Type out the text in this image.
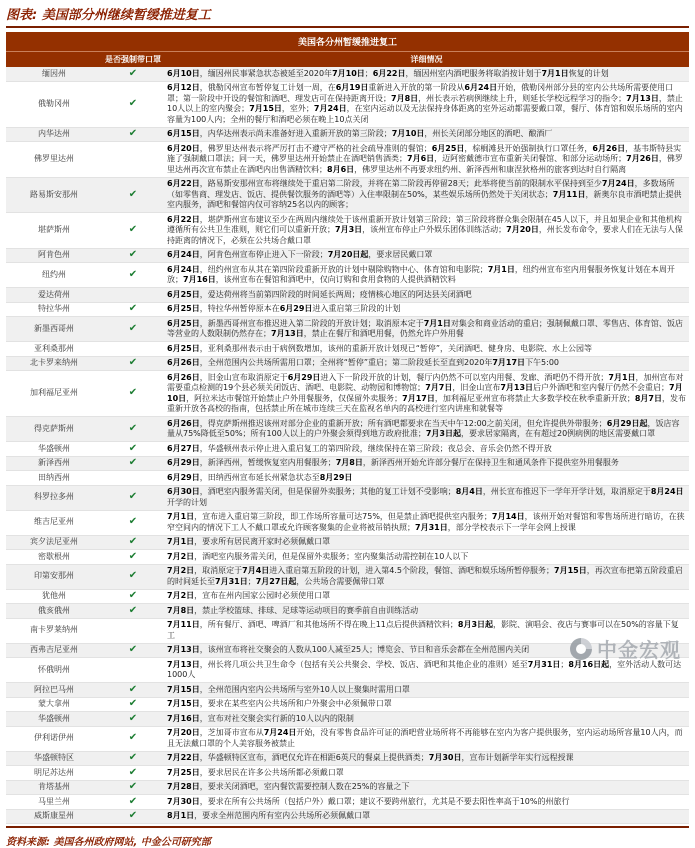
图表: 美国部分州继续暂缓推进复工
美国各分州暂缓推进复工		
	是否强制带口罩	详细情况
缅因州	✔	6月10日，缅因州民事紧急状态被延至2020年7月10日；6月22日，缅因州室内酒吧服务将取消按计划于7月1日恢复的计划
俄勒冈州	✔	6月12日，俄勒冈州宣布暂停复工计划一周，在6月19日重新进入开放的第一阶段从6月24日开始，俄勒冈州部分县的室内公共场所需要使用口罩；第一阶段中开设的餐馆和酒吧、理发店可在保持距离开设；7月8日，州长表示若病例继续上升，则延长学校远程学习的指令；7月13日，禁止10人以上的室内聚会；7月15日，室外；7月24日，在室内运动以及无法保持身体距离的室外运动都需要戴口罩，餐厅、体育馆和娱乐场所的室内容量为100人内；全州的餐厅和酒吧必须在晚上10点关闭
内华达州	✔	6月15日，内华达州表示尚未准备好进入重新开放的第三阶段；7月10日，州长关闭部分地区的酒吧、酿酒厂
佛罗里达州		6月20日，佛罗里达州表示将严厉打击不遵守严格的社会疏导准则的餐馆；6月25日，棕榈滩县开始强制执行口罩任务，6月26日，基韦斯特县实施了强制戴口罩法；同一天，佛罗里达州开始禁止在酒吧销售酒类；7月6日，迈阿密戴德市宣布重新关闭餐馆、和部分运动场所；7月26日，佛罗里达州再次宣布禁止在酒吧内出售酒精饮料；8月6日，佛罗里达州不再要求纽约州、新泽西州和康涅狄格州的旅客到达时自行隔离
路易斯安那州	✔	6月22日，路易斯安那州宣布将继续处于重启第二阶段，并将在第二阶段再停留28天；此举将使当前的限制水平保持到至少7月24日，多数场所（如零售商、理发店、饭店、提供餐饮服务的酒吧等）入住率限制在50%，某些娱乐场所仍然处于关闭状态；7月11日，新奥尔良市酒吧禁止提供室内服务，酒吧和餐馆内仅可容纳25名以内的顾客；
堪萨斯州	✔	6月22日，堪萨斯州宣布建议至少在两周内继续处于该州重新开放计划第三阶段；第三阶段将群众集会限制在45人以下，并且如果企业和其他机构遵循所有公共卫生准则，则它们可以重新开放；7月3日，该州宣布停止户外娱乐团体训练活动；7月20日，州长发布命令，要求人们在无法与人保持距离的情况下，必须在公共场合戴口罩
阿肯色州	✔	6月24日，阿肯色州宣布停止进入下一阶段；7月20日起，要求居民戴口罩
纽约州	✔	6月24日，纽约州宣布从其在第四阶段重新开放的计划中剔除购物中心、体育馆和电影院；7月1日，纽约州宣布室内用餐服务恢复计划在本周开放；7月16日，该州宣布在餐馆和酒吧中，仅向订购和食用食物的人提供酒精饮料
爱达荷州		6月25日，爱达荷州将当前第四阶段的时间延长两周；疫情核心地区的阿达县关闭酒吧
特拉华州	✔	6月25日，特拉华州暂停原本在6月29日进入重启第三阶段的计划
新墨西哥州	✔	6月25日，新墨西哥州宣布推迟进入第二阶段的开放计划；取消原本定于7月1日对集会和商业活动的重启；强制佩戴口罩、零售店、体育馆、饭店等营业的人数限制仍然存在；7月13日，禁止在餐厅和酒吧用餐，仍然允许户外用餐
亚利桑那州		6月25日，亚利桑那州表示由于病例数增加，该州的重新开放计划现已“暂停”，关闭酒吧、健身房、电影院、水上公园等
北卡罗来纳州	✔	6月26日，全州范围内公共场所需用口罩；全州将“暂停”重启；第二阶段延长至直到2020年7月17日下午5:00
加利福尼亚州	✔	6月26日，旧金山宣布取消原定于6月29日进入下一阶段开放的计划，餐厅内仍然不可以室内用餐、发廊、酒吧仍不得开放；7月1日，加州宣布对需要重点检测的19个县必须关闭饭店、酒吧、电影院、动物园和博物馆；7月7日，旧金山宣布7月13日后户外酒吧和室内餐厅仍然不会重启；7月10日，阿拉米达市餐馆开始禁止户外用餐服务，仅保留外卖服务；7月17日，加利福尼亚州宣布将禁止大多数学校在秋季重新开放；8月7日，发布重新开放各高校的指南，包括禁止所在城市连续三天在监视名单内的高校进行室内讲座和就餐等
得克萨斯州	✔	6月26日，得克萨斯州推迟该州对部分企业的重新开放；所有酒吧都要求在当天中午12:00之前关闭，但允许提供外带服务；6月29日起，饭店容量从75%降低至50%；所有100人以上的户外聚会须得到地方政府批准；7月3日起，要求居家隔离，在有超过20例病例的地区需要戴口罩
华盛顿州	✔	6月27日，华盛顿州表示停止进入重启复工的第四阶段，继续保持在第三阶段；夜总会、音乐会仍然不得开放
新泽西州	✔	6月29日，新泽西州，暂缓恢复室内用餐服务；7月8日，新泽西州开始允许部分餐厅在保持卫生和通风条件下提供室外用餐服务
田纳西州		6月29日，田纳西州宣布延长州紧急状态至8月29日
科罗拉多州	✔	6月30日，酒吧室内服务需关闭，但是保留外卖服务；其他的复工计划不受影响；8月4日，州长宣布推迟下一学年开学计划，取消原定于8月24日开学的计划
维吉尼亚州	✔	7月1日，宣布进入重启第三阶段，即工作场所容量可达75%，但是禁止酒吧提供室内服务；7月14日，该州开始对餐馆和零售场所进行暗访，在狭窄空间内的情况下工人不戴口罩或允许顾客聚集的企业将被吊销执照；7月31日，部分学校表示下一学年会网上授课
宾夕法尼亚州	✔	7月1日，要求所有居民离开家时必须佩戴口罩
密歇根州	✔	7月2日，酒吧室内服务需关闭，但是保留外卖服务；室内聚集活动需控制在10人以下
印第安那州	✔	7月2日，取消原定于7月4日进入重启第五阶段的计划，进入第4.5个阶段，餐馆、酒吧和娱乐场所暂停服务；7月15日，再次宣布把第五阶段重启的时间延长至7月31日；7月27日起，公共场合需要佩带口罩
犹他州	✔	7月2日，宣布在州内国家公园时必须使用口罩
俄亥俄州	✔	7月8日，禁止学校篮球、排球、足球等运动项目的赛季前自由训练活动
南卡罗莱纳州		7月11日，所有餐厅、酒吧、啤酒厂和其他场所不得在晚上11点后提供酒精饮料；8月3日起，影院、演唱会、夜店与赛事可以在50%的容量下复工
西弗吉尼亚州	✔	7月13日，该州宣布将社交聚会的人数从100人减至25人；博览会、节日和音乐会都在全州范围内关闭
怀俄明州		7月13日，州长将几项公共卫生命令（包括有关公共聚会、学校、饭店、酒吧和其他企业的准则）延至7月31日；8月16日起，室外活动人数可达1000人
阿拉巴马州	✔	7月15日，全州范围内室内公共场所与室外10人以上聚集时需用口罩
蒙大拿州	✔	7月15日，要求在某些室内公共场所和户外聚会中必须佩带口罩
华盛顿州	✔	7月16日，宣布对社交聚会实行新的10人以内的限制
伊利诺伊州	✔	7月20日，芝加哥市宣布从7月24日开始，没有零售食品许可证的酒吧营业场所将不再能够在室内为客户提供服务，室内运动场所容量10人内，而且无法戴口罩的个人美容服务被禁止
华盛顿特区	✔	7月22日，华盛顿特区宣布，酒吧仅允许在相距6英尺的餐桌上提供酒类；7月30日，宣布计划新学年实行远程授课
明尼苏达州	✔	7月25日，要求居民在许多公共场所都必须戴口罩
肯塔基州	✔	7月28日，要求关闭酒吧，室内餐饮需要控制人数在25%的容量之下
马里兰州	✔	7月30日，要求在所有公共场所（包括户外）戴口罩；建议不要跨州旅行，尤其是不要去阳性率高于10%的州旅行
威斯康星州	✔	8月1日，要求全州范围内所有室内公共场所必须佩戴口罩
资料来源: 美国各州政府网站, 中金公司研究部
中金宏观
